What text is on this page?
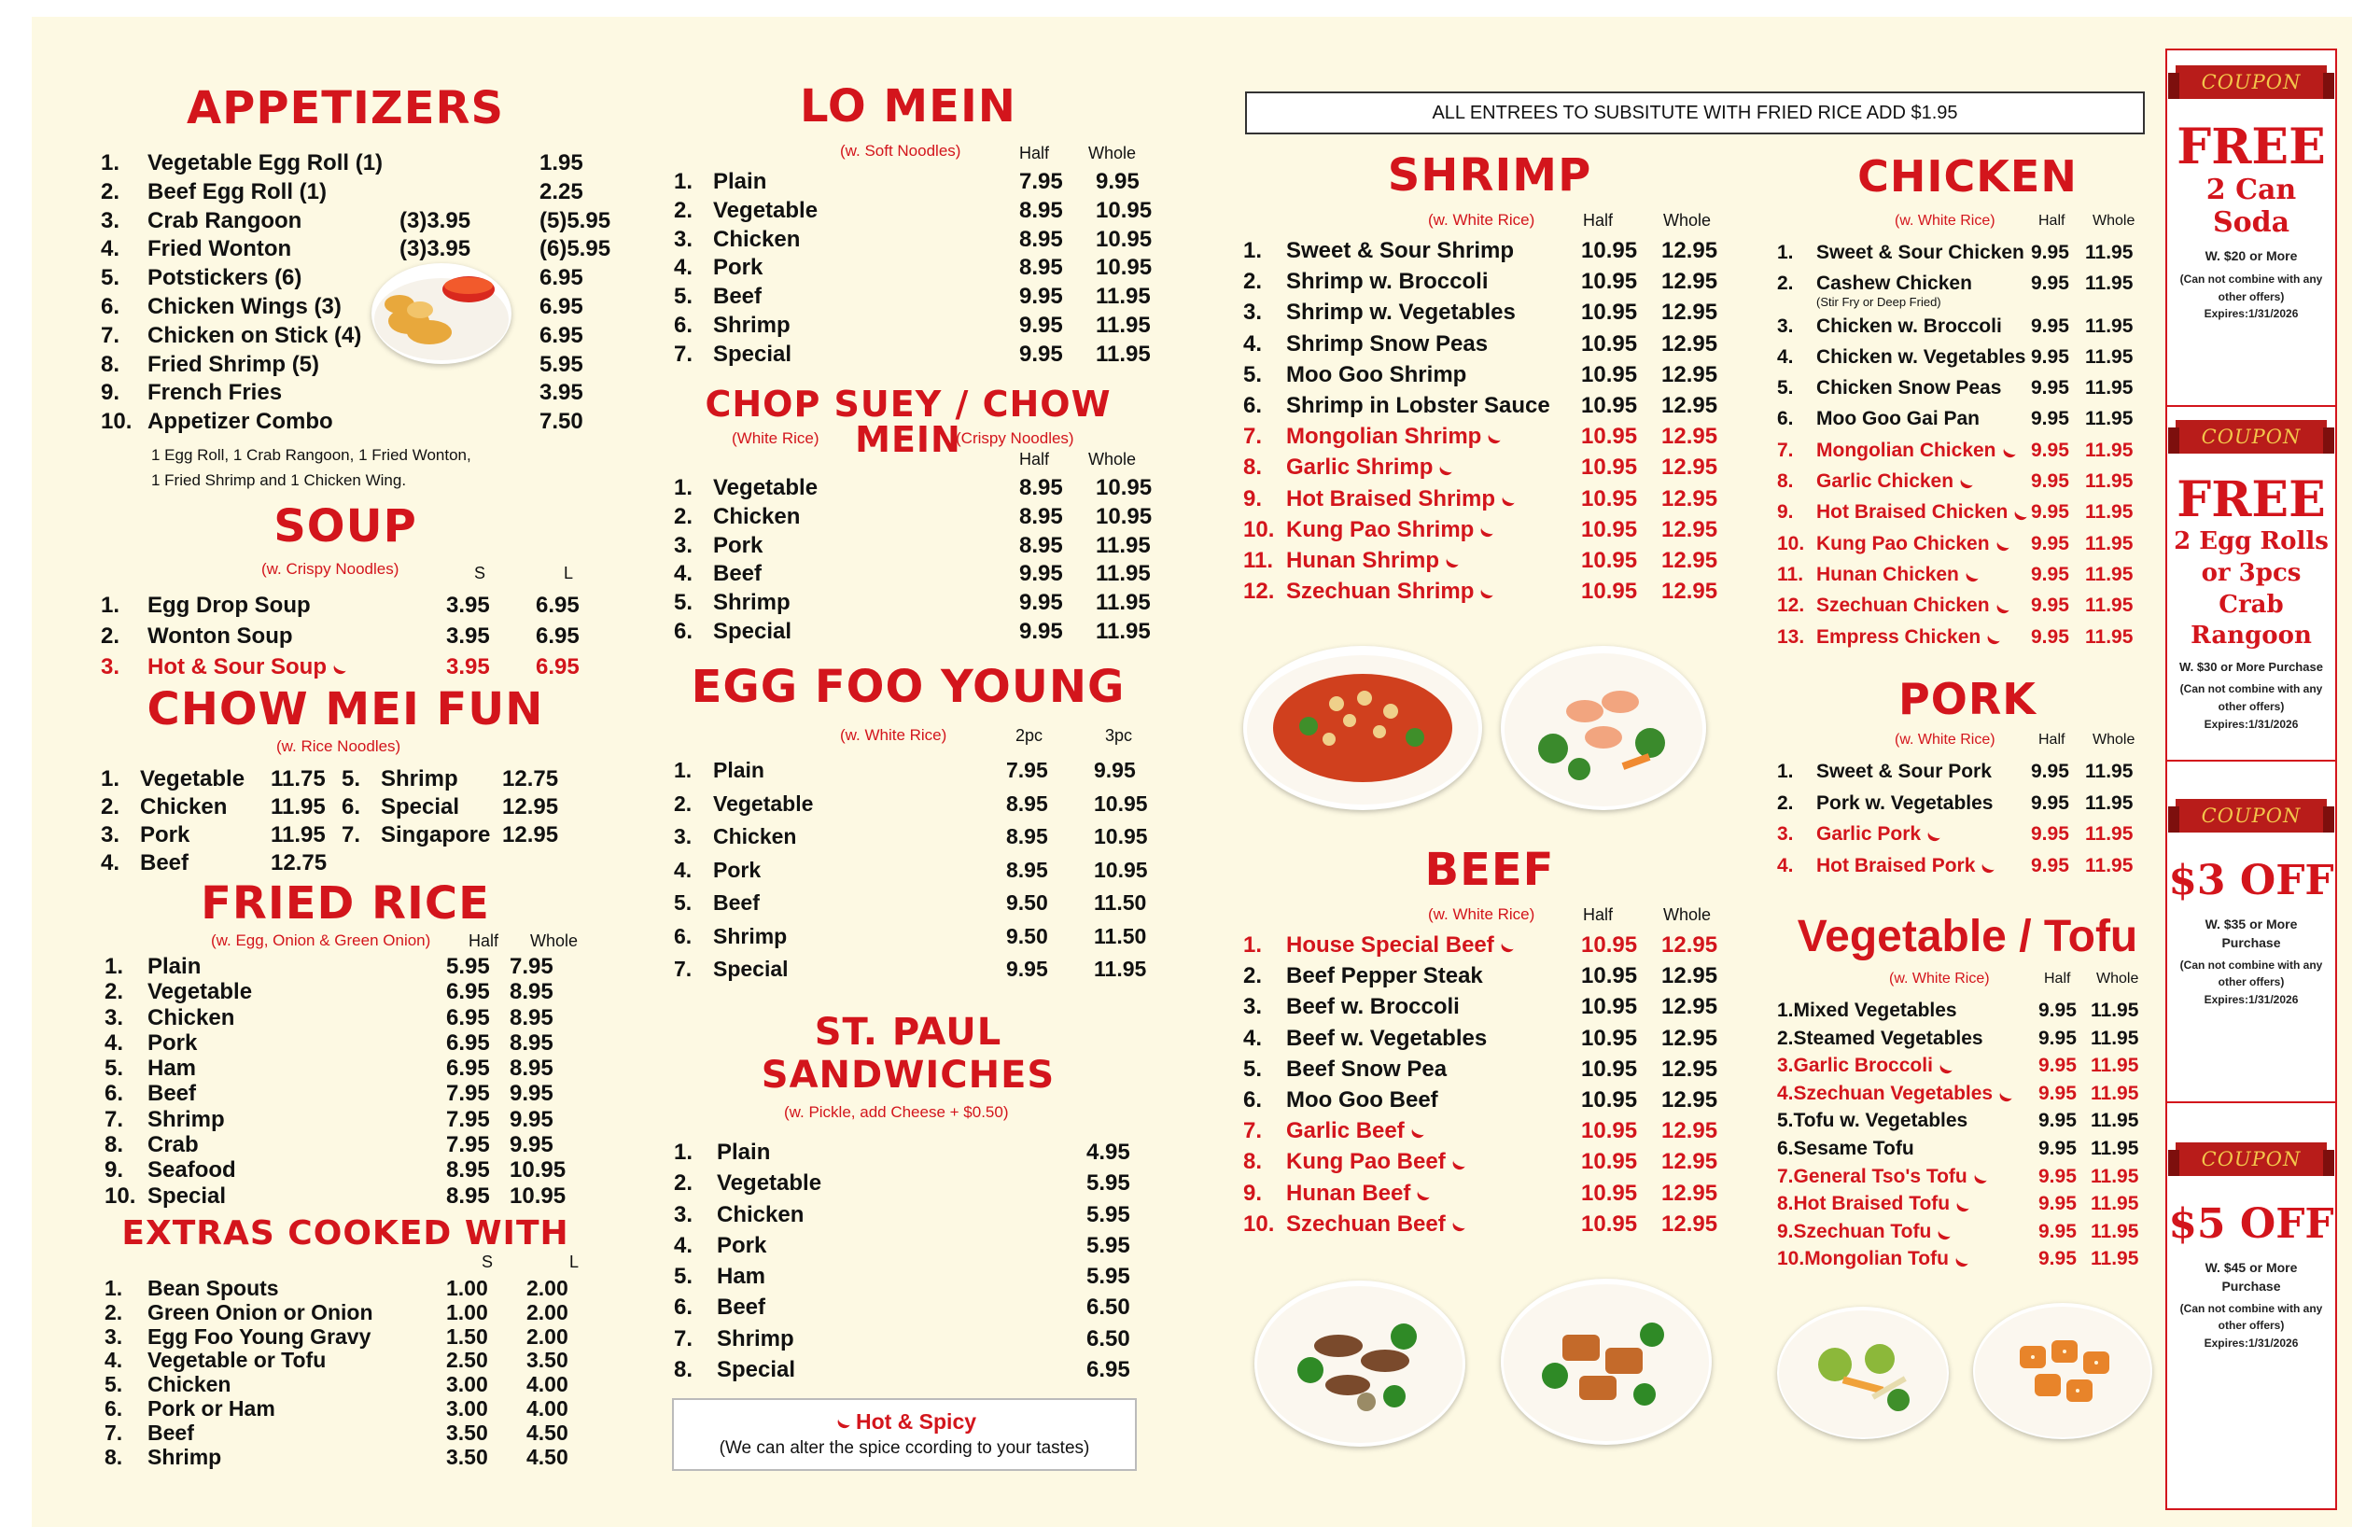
APPETIZERS
1. Vegetable Egg Roll (1)	1.95
2. Beef Egg Roll (1)	2.25
3. Crab Rangoon	(3)3.95	(5)5.95
4. Fried Wonton	(3)3.95	(6)5.95
5. Potstickers (6)	6.95
6. Chicken Wings (3)	6.95
7. Chicken on Stick (4)	6.95
8. Fried Shrimp (5)	5.95
9. French Fries	3.95
10. Appetizer Combo	7.50
1 Egg Roll, 1 Crab Rangoon, 1 Fried Wonton,
1 Fried Shrimp and 1 Chicken Wing.
SOUP
(w. Crispy Noodles)	S	L
1. Egg Drop Soup	3.95 6.95
2. Wonton Soup	3.95 6.95
3. Hot & Sour Soup	3.95 6.95
CHOW MEI FUN
(w. Rice Noodles)
1. Vegetable 11.75
2. Chicken 11.95
3. Pork	11.95
4. Beef	12.75
5. Shrimp 12.75
6. Special 12.95
7. Singapore 12.95
FRIED RICE
(w. Egg, Onion & Green Onion) Half Whole
1. Plain	5.95 7.95
2. Vegetable	6.95 8.95
3. Chicken	6.95 8.95
4. Pork	6.95 8.95
5. Ham	6.95 8.95
6. Beef	7.95 9.95
7. Shrimp	7.95 9.95
8. Crab	7.95 9.95
9. Seafood	8.95 10.95
10. Special	8.95 10.95
EXTRAS COOKED WITH
S	L
1. Bean Spouts	1.00 2.00
2. Green Onion or Onion	1.00 2.00
3. Egg Foo Young Gravy	1.50 2.00
4. Vegetable or Tofu	2.50 3.50
5. Chicken	3.00 4.00
6. Pork or Ham	3.00 4.00
7. Beef	3.50 4.50
8. Shrimp	3.50 4.50
LO MEIN
(w. Soft Noodles)	Half Whole
1. Plain	7.95 9.95
2. Vegetable	8.95 10.95
3. Chicken	8.95 10.95
4. Pork	8.95 10.95
5. Beef	9.95 11.95
6. Shrimp	9.95 11.95
7. Special	9.95 11.95
CHOP SUEY / CHOW MEIN
(White Rice)	(Crispy Noodles)
Half Whole
1. Vegetable	8.95 10.95
2. Chicken	8.95 10.95
3. Pork	8.95 11.95
4. Beef	9.95 11.95
5. Shrimp	9.95 11.95
6. Special	9.95 11.95
EGG FOO YOUNG
(w. White Rice)	2pc	3pc
1. Plain	7.95 9.95
2. Vegetable	8.95 10.95
3. Chicken	8.95 10.95
4. Pork	8.95 10.95
5. Beef	9.50 11.50
6. Shrimp	9.50 11.50
7. Special	9.95 11.95
ST. PAUL
SANDWICHES
(w. Pickle, add Cheese + $0.50)
1. Plain	4.95
2. Vegetable	5.95
3. Chicken	5.95
4. Pork	5.95
5. Ham	5.95
6. Beef	6.50
7. Shrimp	6.50
8. Special	6.95
Hot & Spicy
(We can alter the spice ccording to your tastes)
ALL ENTREES TO SUBSITUTE WITH FRIED RICE ADD $1.95
SHRIMP
(w. White Rice)	Half	Whole
1. Sweet & Sour Shrimp	10.95 12.95
2. Shrimp w. Broccoli	10.95 12.95
3. Shrimp w. Vegetables	10.95 12.95
4. Shrimp Snow Peas	10.95 12.95
5. Moo Goo Shrimp	10.95 12.95
6. Shrimp in Lobster Sauce 10.95 12.95
7. Mongolian Shrimp	10.95 12.95
8. Garlic Shrimp	10.95 12.95
9. Hot Braised Shrimp	10.95 12.95
10. Kung Pao Shrimp	10.95 12.95
11. Hunan Shrimp	10.95 12.95
12. Szechuan Shrimp	10.95 12.95
BEEF
(w. White Rice)	Half	Whole
1. House Special Beef	10.95 12.95
2. Beef Pepper Steak	10.95 12.95
3. Beef w. Broccoli	10.95 12.95
4. Beef w. Vegetables	10.95 12.95
5. Beef Snow Pea	10.95 12.95
6. Moo Goo Beef	10.95 12.95
7. Garlic Beef	10.95 12.95
8. Kung Pao Beef	10.95 12.95
9. Hunan Beef	10.95 12.95
10. Szechuan Beef	10.95 12.95
CHICKEN
(w. White Rice)	Half Whole
1. Sweet & Sour Chicken 9.95 11.95
2. Cashew Chicken	9.95 11.95
(Stir Fry or Deep Fried)
3. Chicken w. Broccoli 9.95 11.95
4. Chicken w. Vegetables 9.95 11.95
5. Chicken Snow Peas 9.95 11.95
6. Moo Goo Gai Pan	9.95 11.95
7. Mongolian Chicken 9.95 11.95
8. Garlic Chicken	9.95 11.95
9. Hot Braised Chicken 9.95 11.95
10. Kung Pao Chicken 9.95 11.95
11. Hunan Chicken	9.95 11.95
12. Szechuan Chicken 9.95 11.95
13. Empress Chicken	9.95 11.95
PORK
(w. White Rice)	Half Whole
1. Sweet & Sour Pork 9.95 11.95
2. Pork w. Vegetables 9.95 11.95
3. Garlic Pork	9.95 11.95
4. Hot Braised Pork	9.95 11.95
Vegetable / Tofu
(w. White Rice)	Half Whole
1.Mixed Vegetables	9.95 11.95
2.Steamed Vegetables	9.95 11.95
3.Garlic Broccoli	9.95 11.95
4.Szechuan Vegetables 9.95 11.95
5.Tofu w. Vegetables	9.95 11.95
6.Sesame Tofu	9.95 11.95
7.General Tso's Tofu	9.95 11.95
8.Hot Braised Tofu	9.95 11.95
9.Szechuan Tofu	9.95 11.95
10.Mongolian Tofu	9.95 11.95
COUPON
FREE
2 Can Soda
W. $20 or More
(Can not combine with any
other offers)
Expires:1/31/2026
COUPON
FREE
2 Egg Rolls
or 3pcs Crab
Rangoon
W. $30 or More Purchase
(Can not combine with any
other offers)
Expires:1/31/2026
COUPON
$3 OFF
W. $35 or More
Purchase
(Can not combine with any
other offers)
Expires:1/31/2026
COUPON
$5 OFF
W. $45 or More
Purchase
(Can not combine with any
other offers)
Expires:1/31/2026
